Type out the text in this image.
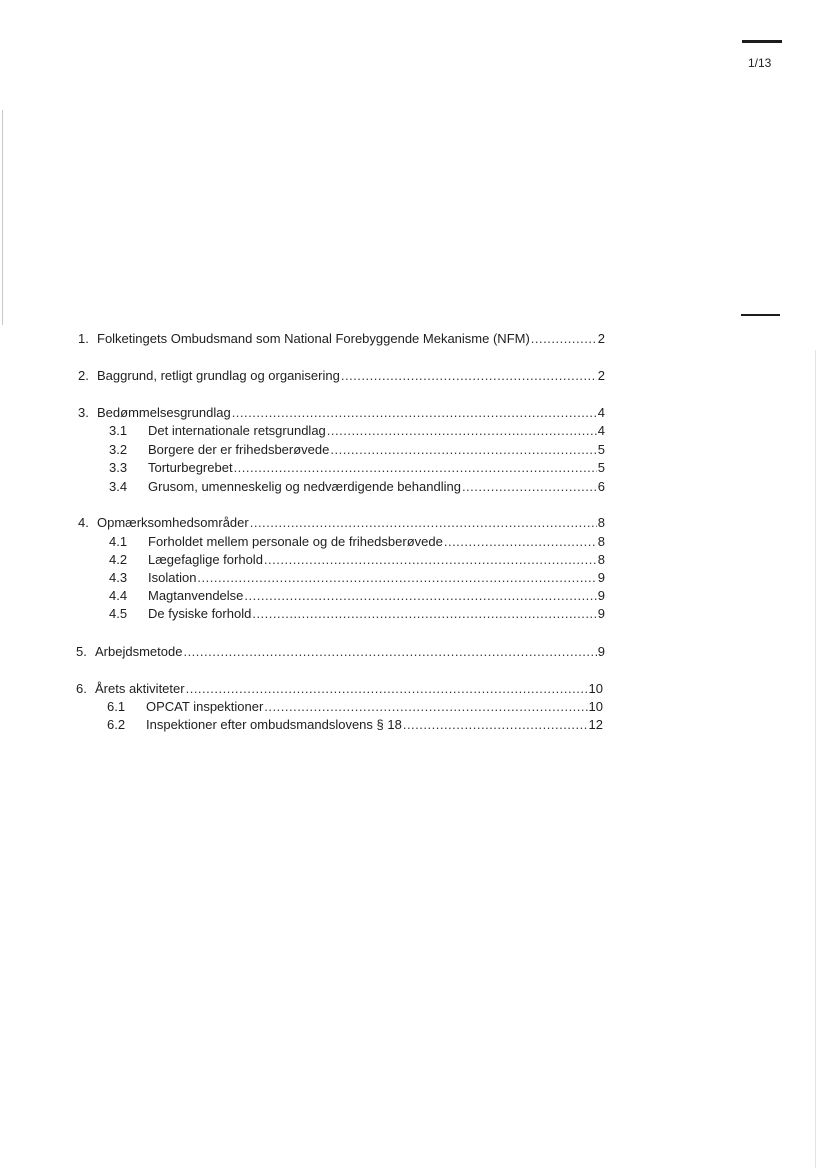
1/13
1. Folketingets Ombudsmand som National Forebyggende Mekanisme (NFM) .....	2
2. Baggrund, retligt grundlag og organisering .....	2
3. Bedømmelsesgrundlag .....	4
3.1	Det internationale retsgrundlag .....	4
3.2	Borgere der er frihedsberøvede .....	5
3.3	Torturbegrebet .....	5
3.4	Grusom, umenneskelig og nedværdigende behandling .....	6
4. Opmærksomhedsområder .....	8
4.1	Forholdet mellem personale og de frihedsberøvede .....	8
4.2	Lægefaglige forhold .....	8
4.3	Isolation .....	9
4.4	Magtanvendelse .....	9
4.5	De fysiske forhold .....	9
5. Arbejdsmetode .....	9
6. Årets aktiviteter .....	10
6.1	OPCAT inspektioner .....	10
6.2	Inspektioner efter ombudsmandslovens § 18 .....	12
